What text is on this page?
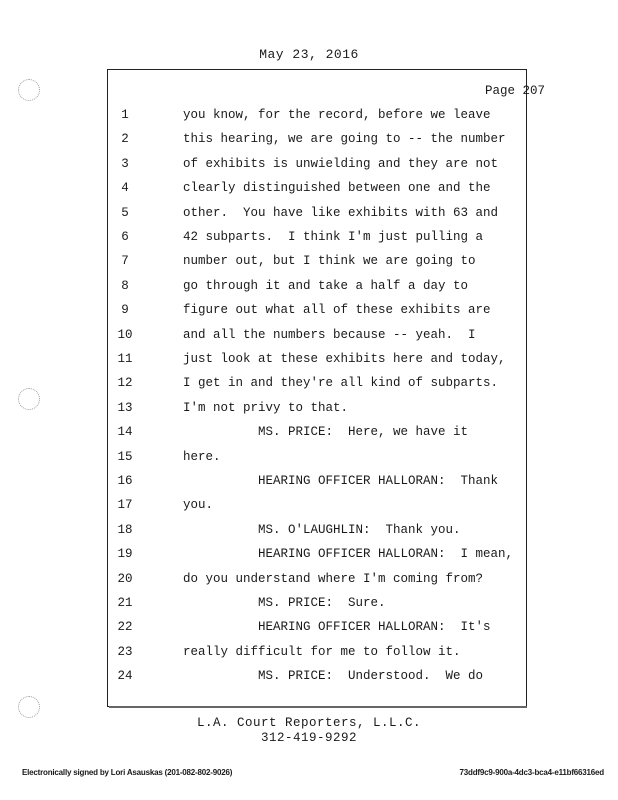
May 23, 2016
Page 207
1	you know, for the record, before we leave
2	this hearing, we are going to -- the number
3	of exhibits is unwielding and they are not
4	clearly distinguished between one and the
5	other.  You have like exhibits with 63 and
6	42 subparts.  I think I'm just pulling a
7	number out, but I think we are going to
8	go through it and take a half a day to
9	figure out what all of these exhibits are
10	and all the numbers because -- yeah.  I
11	just look at these exhibits here and today,
12	I get in and they're all kind of subparts.
13	I'm not privy to that.
14	MS. PRICE:  Here, we have it
15	here.
16	HEARING OFFICER HALLORAN:  Thank
17	you.
18	MS. O'LAUGHLIN:  Thank you.
19	HEARING OFFICER HALLORAN:  I mean,
20	do you understand where I'm coming from?
21	MS. PRICE:  Sure.
22	HEARING OFFICER HALLORAN:  It's
23	really difficult for me to follow it.
24	MS. PRICE:  Understood.  We do
L.A. Court Reporters, L.L.C.
312-419-9292
Electronically signed by Lori Asauskas (201-082-802-9026)	73ddf9c9-900a-4dc3-bca4-e11bf66316ed
